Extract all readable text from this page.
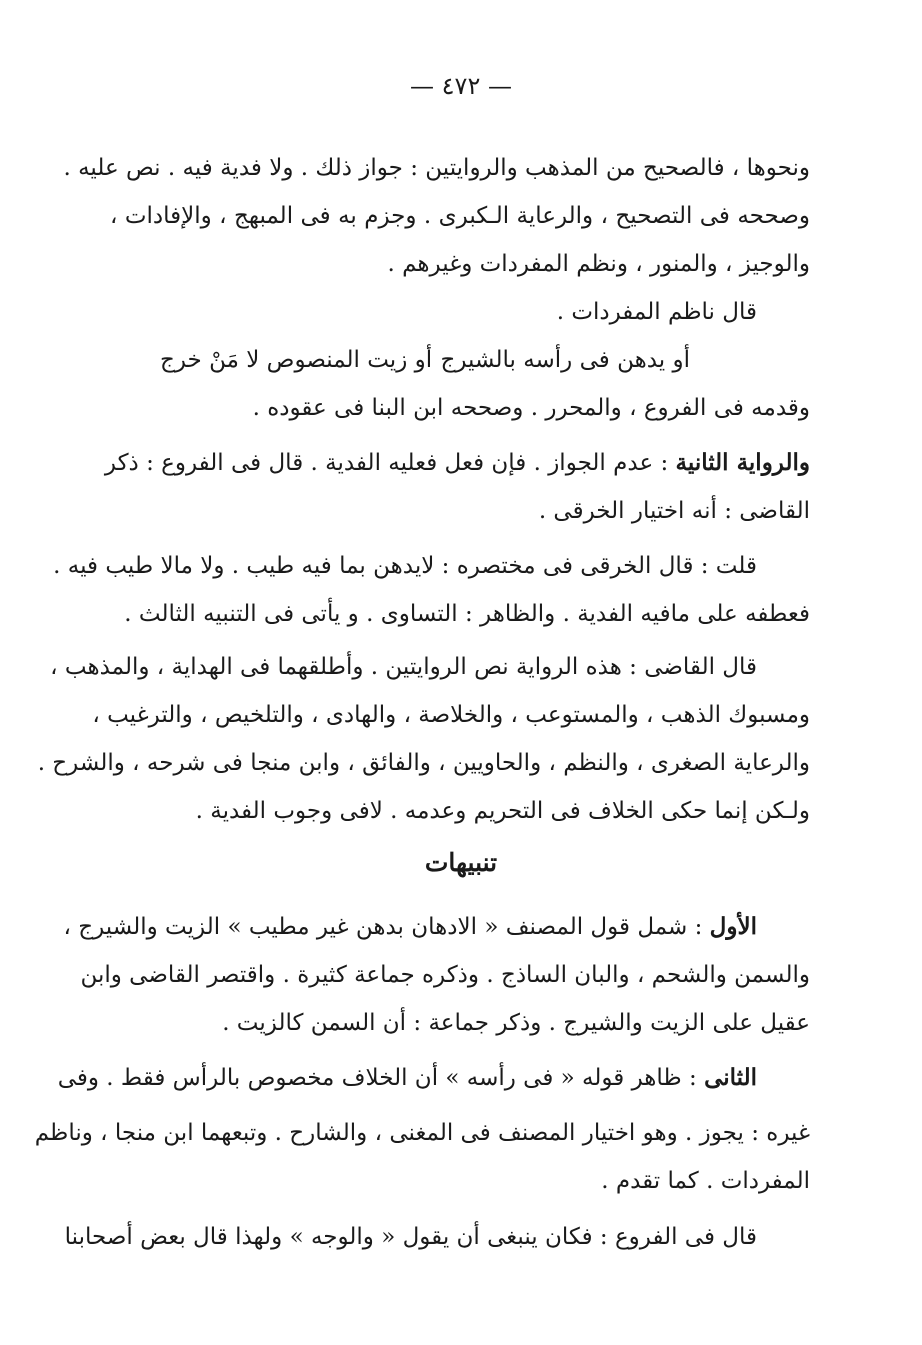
— ٤٧٢ —
ونحوها ، فالصحيح من المذهب والروايتين : جواز ذلك . ولا فدية فيه . نص عليه .
وصححه فى التصحيح ، والرعاية الـكبرى . وجزم به فى المبهج ، والإفادات ،
والوجيز ، والمنور ، ونظم المفردات وغيرهم .
قال ناظم المفردات .
أو يدهن فى رأسه بالشيرج
أو زيت المنصوص لا مَنْ خرج
وقدمه فى الفروع ، والمحرر . وصححه ابن البنا فى عقوده .
والرواية الثانية : عدم الجواز . فإن فعل فعليه الفدية . قال فى الفروع : ذكر
القاضى : أنه اختيار الخرقى .
قلت : قال الخرقى فى مختصره : لايدهن بما فيه طيب . ولا مالا طيب فيه .
فعطفه على مافيه الفدية . والظاهر : التساوى . و يأتى فى التنبيه الثالث .
قال القاضى : هذه الرواية نص الروايتين . وأطلقهما فى الهداية ، والمذهب ،
ومسبوك الذهب ، والمستوعب ، والخلاصة ، والهادى ، والتلخيص ، والترغيب ،
والرعاية الصغرى ، والنظم ، والحاويين ، والفائق ، وابن منجا فى شرحه ، والشرح .
ولـكن إنما حكى الخلاف فى التحريم وعدمه . لافى وجوب الفدية .
تنبيهات
الأول : شمل قول المصنف « الادهان بدهن غير مطيب » الزيت والشيرج ،
والسمن والشحم ، والبان الساذج . وذكره جماعة كثيرة . واقتصر القاضى وابن
عقيل على الزيت والشيرج . وذكر جماعة : أن السمن كالزيت .
الثانى : ظاهر قوله « فى رأسه » أن الخلاف مخصوص بالرأس فقط . وفى
غيره : يجوز . وهو اختيار المصنف فى المغنى ، والشارح . وتبعهما ابن منجا ، وناظم
المفردات . كما تقدم .
قال فى الفروع : فكان ينبغى أن يقول « والوجه » ولهذا قال بعض أصحابنا
